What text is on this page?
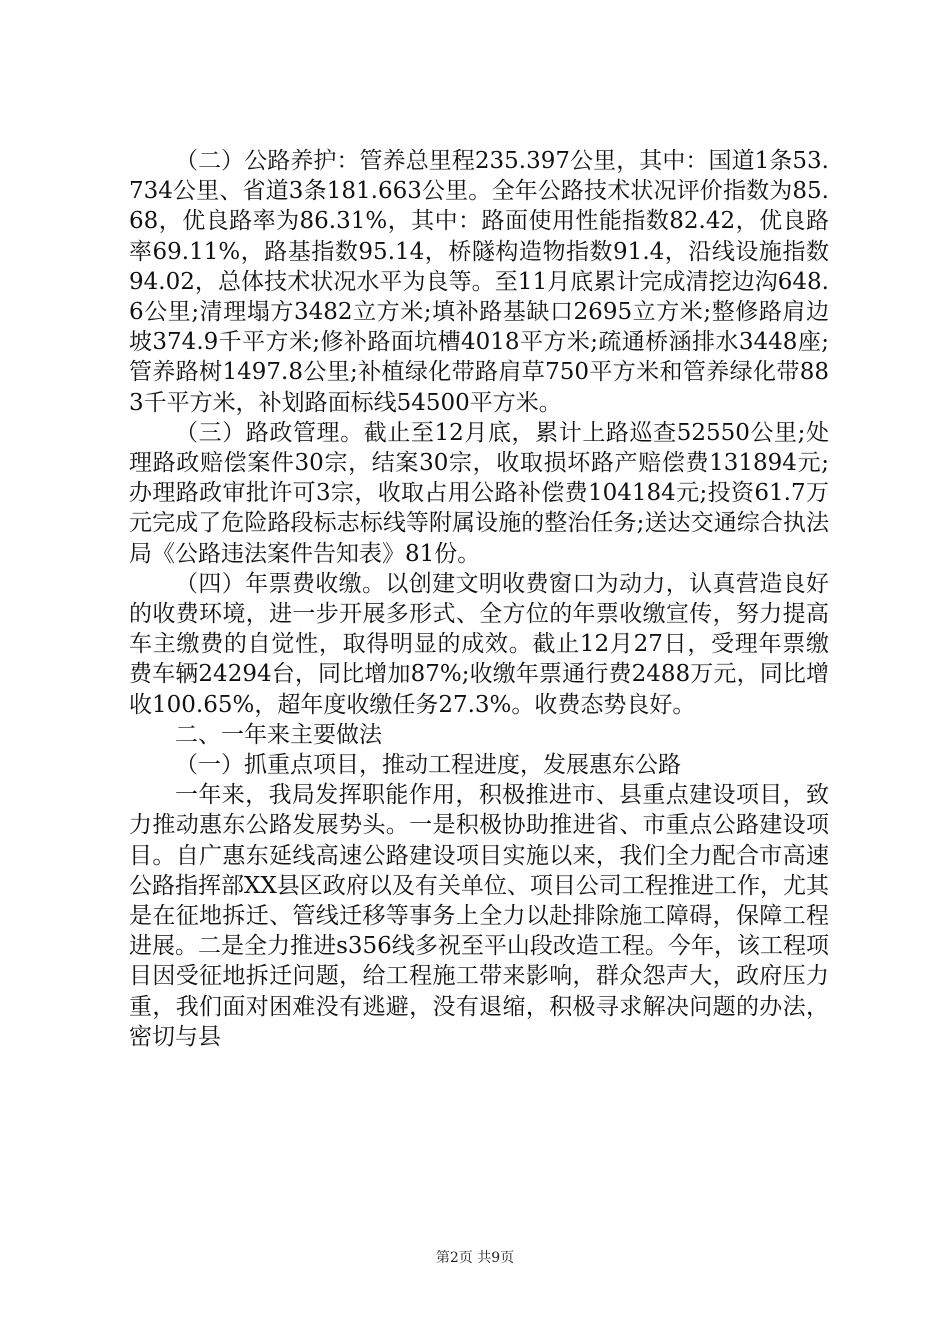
（二）公路养护：管养总里程235.397公里，其中：国道1条53.734公里、省道3条181.663公里。全年公路技术状况评价指数为85.68，优良路率为86.31%，其中：路面使用性能指数82.42，优良路率69.11%，路基指数95.14，桥隧构造物指数91.4，沿线设施指数94.02，总体技术状况水平为良等。至11月底累计完成清挖边沟648.6公里;清理塌方3482立方米;填补路基缺口2695立方米;整修路肩边坡374.9千平方米;修补路面坑槽4018平方米;疏通桥涵排水3448座;管养路树1497.8公里;补植绿化带路肩草750平方米和管养绿化带883千平方米，补划路面标线54500平方米。

（三）路政管理。截止至12月底，累计上路巡查52550公里;处理路政赔偿案件30宗，结案30宗，收取损坏路产赔偿费131894元;办理路政审批许可3宗，收取占用公路补偿费104184元;投资61.7万元完成了危险路段标志标线等附属设施的整治任务;送达交通综合执法局《公路违法案件告知表》81份。

（四）年票费收缴。以创建文明收费窗口为动力，认真营造良好的收费环境，进一步开展多形式、全方位的年票收缴宣传，努力提高车主缴费的自觉性，取得明显的成效。截止12月27日，受理年票缴费车辆24294台，同比增加87%;收缴年票通行费2488万元，同比增收100.65%，超年度收缴任务27.3%。收费态势良好。

二、一年来主要做法

（一）抓重点项目，推动工程进度，发展惠东公路

一年来，我局发挥职能作用，积极推进市、县重点建设项目，致力推动惠东公路发展势头。一是积极协助推进省、市重点公路建设项目。自广惠东延线高速公路建设项目实施以来，我们全力配合市高速公路指挥部XX县区政府以及有关单位、项目公司工程推进工作，尤其是在征地拆迁、管线迁移等事务上全力以赴排除施工障碍，保障工程进展。二是全力推进s356线多祝至平山段改造工程。今年，该工程项目因受征地拆迁问题，给工程施工带来影响，群众怨声大，政府压力重，我们面对困难没有逃避，没有退缩，积极寻求解决问题的办法，密切与县

第2页 共9页
